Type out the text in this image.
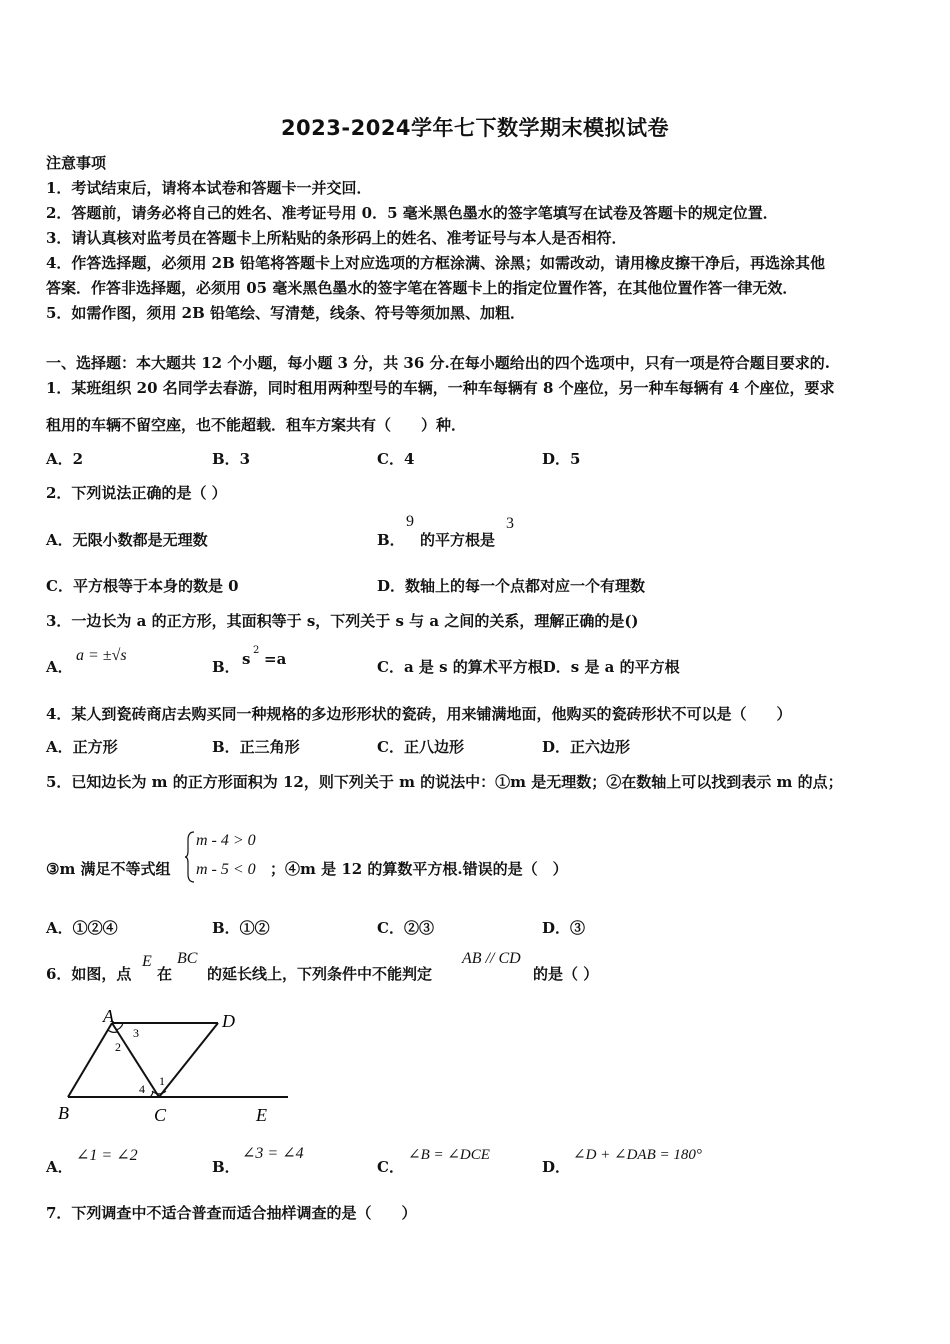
2023-2024学年七下数学期末模拟试卷
注意事项
1．考试结束后，请将本试卷和答题卡一并交回．
2．答题前，请务必将自己的姓名、准考证号用 0．5 毫米黑色墨水的签字笔填写在试卷及答题卡的规定位置．
3．请认真核对监考员在答题卡上所粘贴的条形码上的姓名、准考证号与本人是否相符．
4．作答选择题，必须用 2B 铅笔将答题卡上对应选项的方框涂满、涂黑；如需改动，请用橡皮擦干净后，再选涂其他
答案．作答非选择题，必须用 05 毫米黑色墨水的签字笔在答题卡上的指定位置作答，在其他位置作答一律无效．
5．如需作图，须用 2B 铅笔绘、写清楚，线条、符号等须加黑、加粗．
一、选择题：本大题共 12 个小题，每小题 3 分，共 36 分.在每小题给出的四个选项中，只有一项是符合题目要求的.
1．某班组织 20 名同学去春游，同时租用两种型号的车辆，一种车每辆有 8 个座位，另一种车每辆有 4 个座位，要求
租用的车辆不留空座，也不能超载．租车方案共有（　　）种．
A．2	B．3	C．4	D．5
2．下列说法正确的是（ ）
A．无限小数都是无理数	B．
9
的平方根是
3
C．平方根等于本身的数是 0	D．数轴上的每一个点都对应一个有理数
3．一边长为 a 的正方形，其面积等于 s，下列关于 s 与 a 之间的关系，理解正确的是()
A．
a = ±√s
B． s 2 =a	C．a 是 s 的算术平方根D．s 是 a 的平方根
4．某人到瓷砖商店去购买同一种规格的多边形形状的瓷砖，用来铺满地面，他购买的瓷砖形状不可以是（　　）
A．正方形	B．正三角形	C．正八边形	D．正六边形
5．已知边长为 m 的正方形面积为 12，则下列关于 m 的说法中：①m 是无理数；②在数轴上可以找到表示 m 的点；
③m 满足不等式组
m - 4 > 0
m - 5 < 0 ；④m 是 12 的算数平方根.错误的是（　）
A．①②④	B．①②	C．②③	D．③
6．如图，点
E
在
BC
的延长线上，下列条件中不能判定
AB // CD
的是（ ）
A	D
B	C	E
1
2
3
4
A．
∠1 = ∠2
B．
∠3 = ∠4
C．
∠B = ∠DCE
D．
∠D + ∠DAB = 180°
7．下列调查中不适合普查而适合抽样调查的是（　　）
